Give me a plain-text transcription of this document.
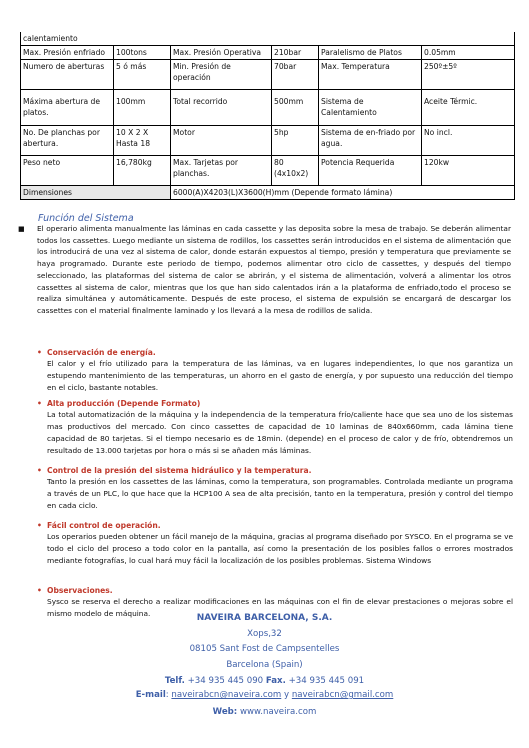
calentamiento					
Max. Presión enfriado	100tons	Max. Presión Operativa	210bar	Paralelismo de Platos	0.05mm
Numero de aberturas	5 ó más	Min. Presión de operación	70bar	Max. Temperatura	250º±5º
Máxima abertura de platos.	100mm	Total recorrido	500mm	Sistema de Calentamiento	Aceite Térmic.
No. De planchas por abertura.	10 X 2 X Hasta 18	Motor	5hp	Sistema de en-friado por agua.	No incl.
Peso neto	16,780kg	Max. Tarjetas por planchas.	80 (4x10x2)	Potencia Requerida	120kw
Dimensiones		6000(A)X4203(L)X3600(H)mm (Depende formato lámina)			
Función del Sistema
■ El operario alimenta manualmente las láminas en cada cassette y las deposita sobre la mesa de trabajo. Se deberán alimentar todos los cassettes. Luego mediante un sistema de rodillos, los cassettes serán introducidos en el sistema de alimentación que los introducirá de una vez al sistema de calor, donde estarán expuestos al tiempo, presión y temperatura que previamente se haya programado. Durante este periodo de tiempo, podemos alimentar otro ciclo de cassettes, y después del tiempo seleccionado, las plataformas del sistema de calor se abrirán, y el sistema de alimentación, volverá a alimentar los otros cassettes al sistema de calor, mientras que los que han sido calentados irán a la plataforma de enfriado,todo el proceso se realiza simultánea y automáticamente. Después de este proceso, el sistema de expulsión se encargará de descargar los cassettes con el material finalmente laminado y los llevará a la mesa de rodillos de salida.
• Conservación de energía.
El calor y el frío utilizado para la temperatura de las láminas, va en lugares independientes, lo que nos garantiza un estupendo mantenimiento de las temperaturas, un ahorro en el gasto de energía, y por supuesto una reducción del tiempo en el ciclo, bastante notables.
• Alta producción (Depende Formato)
La total automatización de la máquina y la independencia de la temperatura frío/caliente hace que sea uno de los sistemas mas productivos del mercado. Con cinco cassettes de capacidad de 10 laminas de 840x660mm, cada lámina tiene capacidad de 80 tarjetas. Si el tiempo necesario es de 18min. (depende) en el proceso de calor y de frío, obtendremos un resultado de 13.000 tarjetas por hora o más si se añaden más láminas.
• Control de la presión del sistema hidráulico y la temperatura.
Tanto la presión en los cassettes de las láminas, como la temperatura, son programables. Controlada mediante un programa a través de un PLC, lo que hace que la HCP100 A sea de alta precisión, tanto en la temperatura, presión y control del tiempo en cada ciclo.
• Fácil control de operación.
Los operarios pueden obtener un fácil manejo de la máquina, gracias al programa diseñado por SYSCO. En el programa se ve todo el ciclo del proceso a todo color en la pantalla, así como la presentación de los posibles fallos o errores mostrados mediante fotografías, lo cual hará muy fácil la localización de los posibles problemas. Sistema Windows
• Observaciones.
Sysco se reserva el derecho a realizar modificaciones en las máquinas con el fin de elevar prestaciones o mejoras sobre el mismo modelo de máquina.	NAVEIRA BARCELONA, S.A.
Xops,32
08105 Sant Fost de Campsentelles
Barcelona (Spain)
Telf. +34 935 445 090 Fax. +34 935 445 091
E-mail: naveirabcn@naveira.com y naveirabcn@gmail.com
Web: www.naveira.com
